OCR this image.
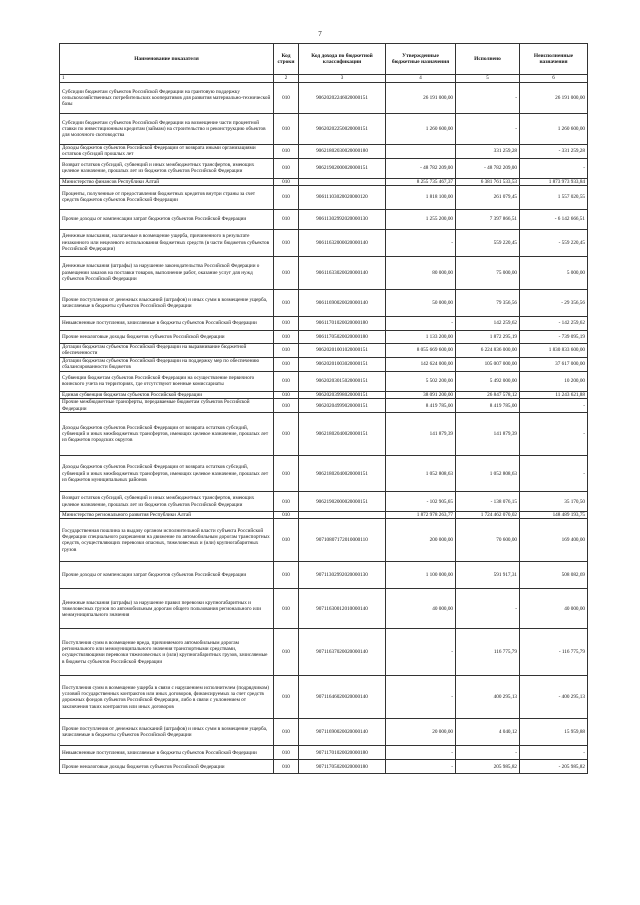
7
Наименование показателя	Код строки	Код дохода по бюджетной классификации	Утвержденные бюджетные назначения	Исполнено	Неисполненные назначения
1	2	3	4	5	6
Субсидии бюджетам субъектов Российской Федерации на грантовую поддержку сельскохозяйственных потребительских кооперативов для развития материально-технической базы	010	90620202246020000151	26 191 000,00	-	26 191 000,00
Субсидии бюджетам субъектов Российской Федерации на возмещение части процентной ставки по инвестиционным кредитам (займам) на строительство и реконструкцию объектов для молочного скотоводства	010	90620202250020000151	1 260 600,00	-	1 260 600,00
Доходы бюджетов субъектов Российской Федерации от возврата иными организациями остатков субсидий прошлых лет	010	90621802030020000180		331 259,28	- 331 259,28
Возврат остатков субсидий, субвенций и иных межбюджетных трансфертов, имеющих целевое назначение, прошлых лет из бюджетов субъектов Российской Федерации	010	90621902000020000151	- 48 782 209,00	- 48 782 209,00	-
Министерство финансов Республики Алтай	010		8 255 735 467,37	6 381 761 533,53	1 873 973 933,84
Проценты, полученные от предоставления бюджетных кредитов внутри страны за счет средств бюджетов субъектов Российской Федерации	010	90611103020020000120	1 818 100,00	261 079,45	1 557 020,55
Прочие доходы от компенсации затрат бюджетов субъектов Российской Федерации	010	90611302992020000130	1 255 200,00	7 397 866,51	- 6 142 666,51
Денежные взыскания, налагаемые в возмещение ущерба, причиненного в результате незаконного или нецелевого использования бюджетных средств (в части бюджетов субъектов Российской Федерации)	010	90611632000020000140	-	559 220,45	- 559 220,45
Денежные взыскания (штрафы) за нарушение законодательства Российской Федерации о размещении заказов на поставки товаров, выполнение работ, оказание услуг для нужд субъектов Российской Федерации	010	90611633020020000140	80 000,00	75 000,00	5 000,00
Прочие поступления от денежных взысканий (штрафов) и иных сумм в возмещение ущерба, зачисляемые в бюджеты субъектов Российской Федерации	010	90611690020020000140	50 000,00	79 356,56	- 29 356,56
Невыясненные поступления, зачисляемые в бюджеты субъектов Российской Федерации	010	90611701020020000180	-	142 259,62	- 142 259,62
Прочие неналоговые доходы бюджетов субъектов Российской Федерации	010	90611705020020000180	1 133 200,00	1 872 295,19	- 739 095,19
Дотации бюджетам субъектов Российской Федерации на выравнивание бюджетной обеспеченности	010	90620201001020000151	8 055 669 600,00	6 224 836 000,00	1 830 833 600,00
Дотации бюджетам субъектов Российской Федерации на поддержку мер по обеспечению сбалансированности бюджетов	010	90620201003020000151	142 624 000,00	105 007 000,00	37 617 000,00
Субвенции бюджетам субъектов Российской Федерации на осуществление первичного воинского учета на территориях, где отсутствуют военные комиссариаты	010	90620203015020000151	5 502 200,00	5 492 000,00	10 200,00
Единая субвенция бюджетам субъектов Российской Федерации	010	90620203998020000151	38 091 200,00	26 847 578,12	11 243 621,88
Прочие межбюджетные трансферты, передаваемые бюджетам субъектов Российской Федерации	010	90620204999020000151	8 419 785,00	8 419 785,00	-
Доходы бюджетов субъектов Российской Федерации от возврата остатков субсидий, субвенций и иных межбюджетных трансфертов, имеющих целевое назначение, прошлых лет из бюджетов городских округов	010	90621802040020000151	141 879,39	141 879,39	-
Доходы бюджетов субъектов Российской Федерации от возврата остатков субсидий, субвенций и иных межбюджетных трансфертов, имеющих целевое назначение, прошлых лет из бюджетов муниципальных районов	010	90621802040020000151	1 052 808,63	1 052 808,63	-
Возврат остатков субсидий, субвенций и иных межбюджетных трансфертов, имеющих целевое назначение, прошлых лет из бюджетов субъектов Российской Федерации	010	90621902000020000151	- 102 905,65	- 138 076,15	35 170,50
Министерство регионального развития Республики Алтай	010		1 872 978 263,77	1 724 462 070,02	148 489 193,75
Государственная пошлина за выдачу органом исполнительной власти субъекта Российской Федерации специального разрешения на движение по автомобильным дорогам транспортных средств, осуществляющих перевозки опасных, тяжеловесных и (или) крупногабаритных грузов	010	90710807172010000110	200 000,00	70 600,00	169 400,00
Прочие доходы от компенсации затрат бюджетов субъектов Российской Федерации	010	90711302992020000130	1 100 000,00	591 917,31	508 082,69
Денежные взыскания (штрафы) за нарушение правил перевозки крупногабаритных и тяжеловесных грузов по автомобильным дорогам общего пользования регионального или межмуниципального значения	010	90711630012010000140	40 000,00	-	40 000,00
Поступления сумм в возмещение вреда, причиняемого автомобильным дорогам регионального или межмуниципального значения транспортными средствами, осуществляющими перевозки тяжеловесных и (или) крупногабаритных грузов, зачисляемые в бюджеты субъектов Российской Федерации	010	90711637020020000140	-	116 775,79	- 116 775,79
Поступления сумм в возмещение ущерба в связи с нарушением исполнителем (подрядчиком) условий государственных контрактов или иных договоров, финансируемых за счет средств дорожных фондов субъектов Российской Федерации, либо в связи с уклонением от заключения таких контрактов или иных договоров	010	90711646020020000140	-	400 295,13	- 400 295,13
Прочие поступления от денежных взысканий (штрафов) и иных сумм в возмещение ущерба, зачисляемые в бюджеты субъектов Российской Федерации	010	90711690020020000140	20 000,00	4 040,12	15 959,88
Невыясненные поступления, зачисляемые в бюджеты субъектов Российской Федерации	010	90711701020020000180	-	-	-
Прочие неналоговые доходы бюджетов субъектов Российской Федерации	010	90711705020020000180	-	205 985,82	- 205 985,82
